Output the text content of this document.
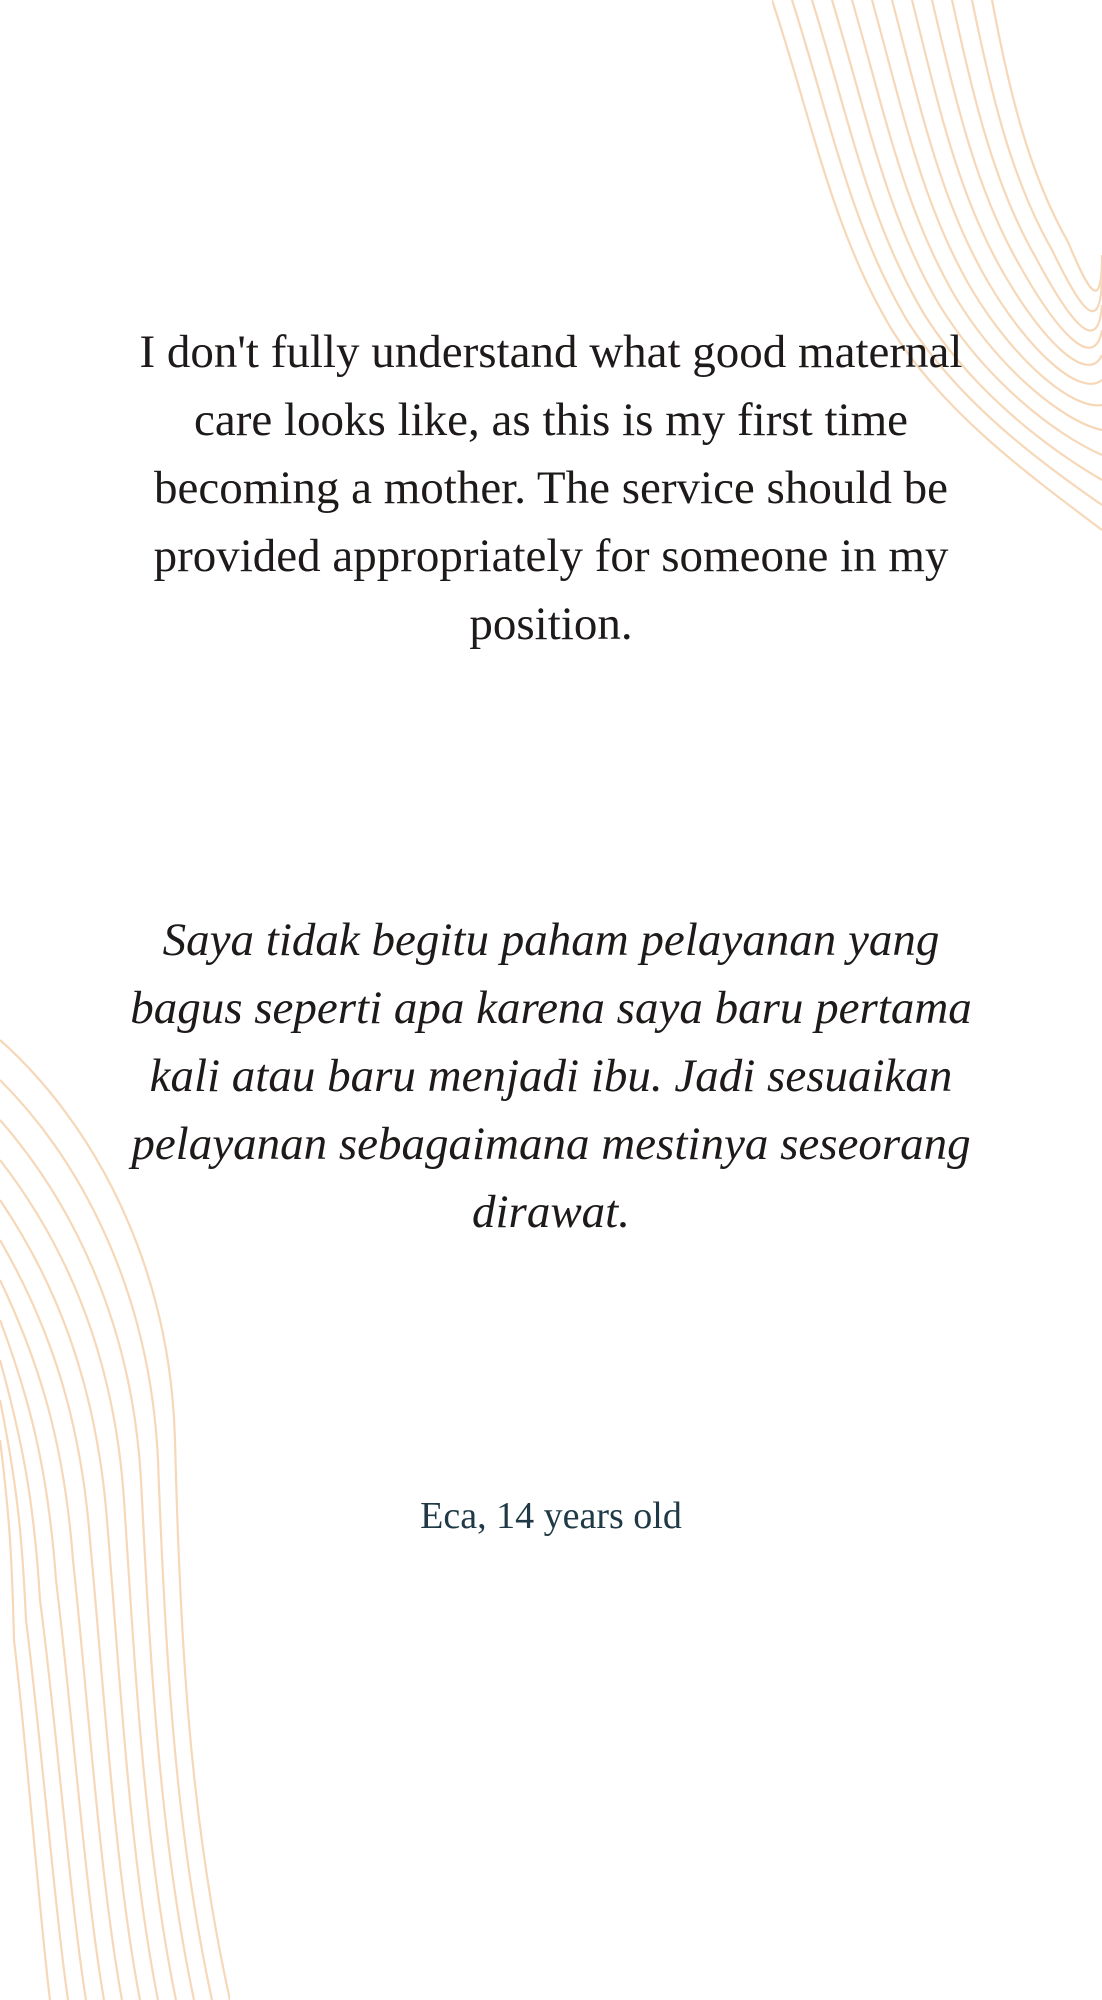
I don't fully understand what good maternal care looks like, as this is my first time becoming a mother. The service should be provided appropriately for someone in my position.
Saya tidak begitu paham pelayanan yang bagus seperti apa karena saya baru pertama kali atau baru menjadi ibu. Jadi sesuaikan pelayanan sebagaimana mestinya seseorang dirawat.
Eca, 14 years old
